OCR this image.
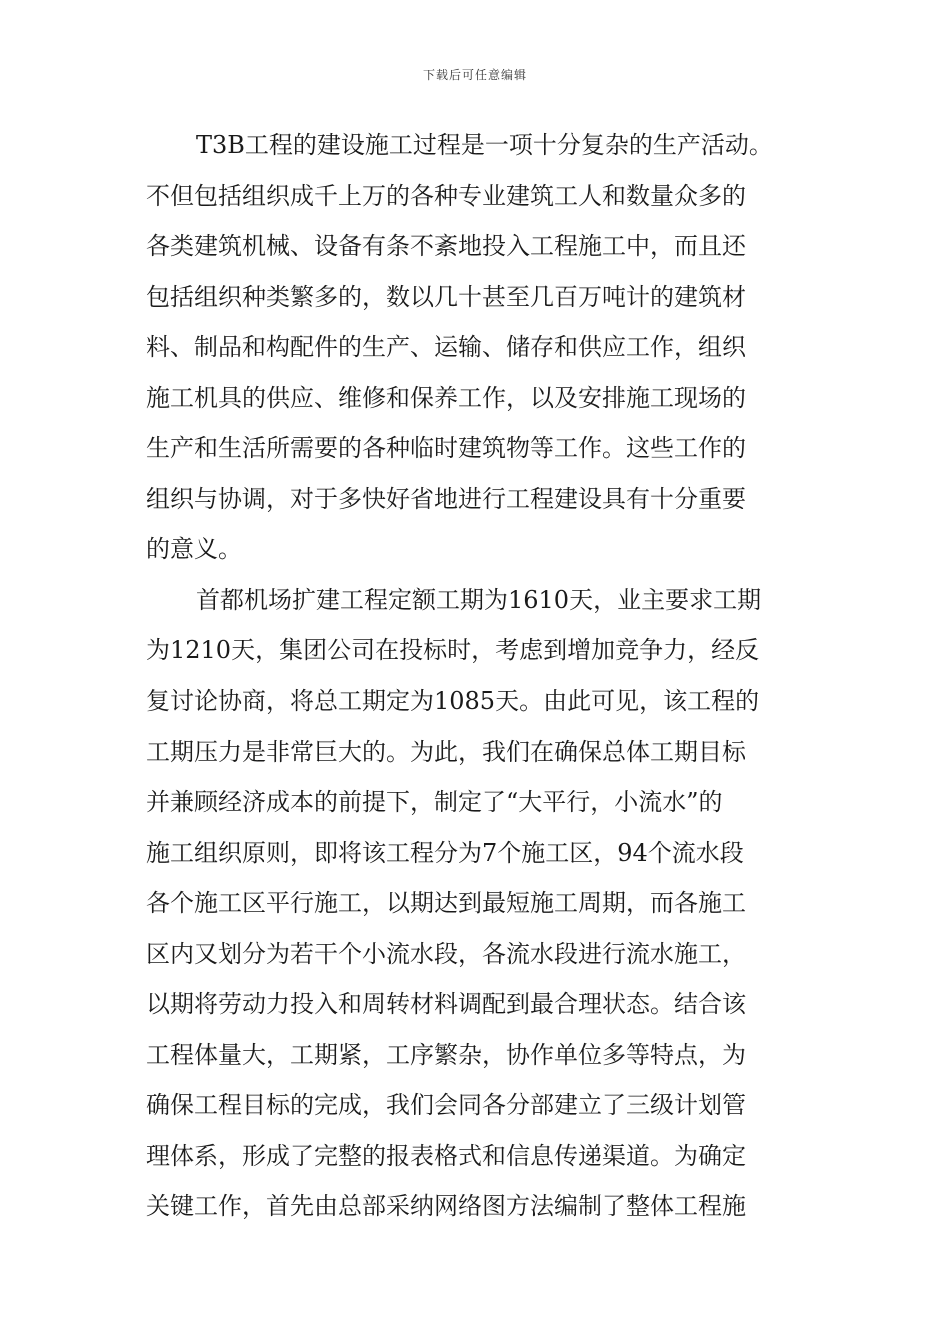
下载后可任意编辑
T3B工程的建设施工过程是一项十分复杂的生产活动。
不但包括组织成千上万的各种专业建筑工人和数量众多的
各类建筑机械、设备有条不紊地投入工程施工中，而且还
包括组织种类繁多的，数以几十甚至几百万吨计的建筑材
料、制品和构配件的生产、运输、储存和供应工作，组织
施工机具的供应、维修和保养工作，以及安排施工现场的
生产和生活所需要的各种临时建筑物等工作。这些工作的
组织与协调，对于多快好省地进行工程建设具有十分重要
的意义。
首都机场扩建工程定额工期为1610天，业主要求工期
为1210天，集团公司在投标时，考虑到增加竞争力，经反
复讨论协商，将总工期定为1085天。由此可见，该工程的
工期压力是非常巨大的。为此，我们在确保总体工期目标
并兼顾经济成本的前提下，制定了“大平行，小流水”的
施工组织原则，即将该工程分为7个施工区，94个流水段
各个施工区平行施工，以期达到最短施工周期，而各施工
区内又划分为若干个小流水段，各流水段进行流水施工，
以期将劳动力投入和周转材料调配到最合理状态。结合该
工程体量大，工期紧，工序繁杂，协作单位多等特点，为
确保工程目标的完成，我们会同各分部建立了三级计划管
理体系，形成了完整的报表格式和信息传递渠道。为确定
关键工作，首先由总部采纳网络图方法编制了整体工程施
